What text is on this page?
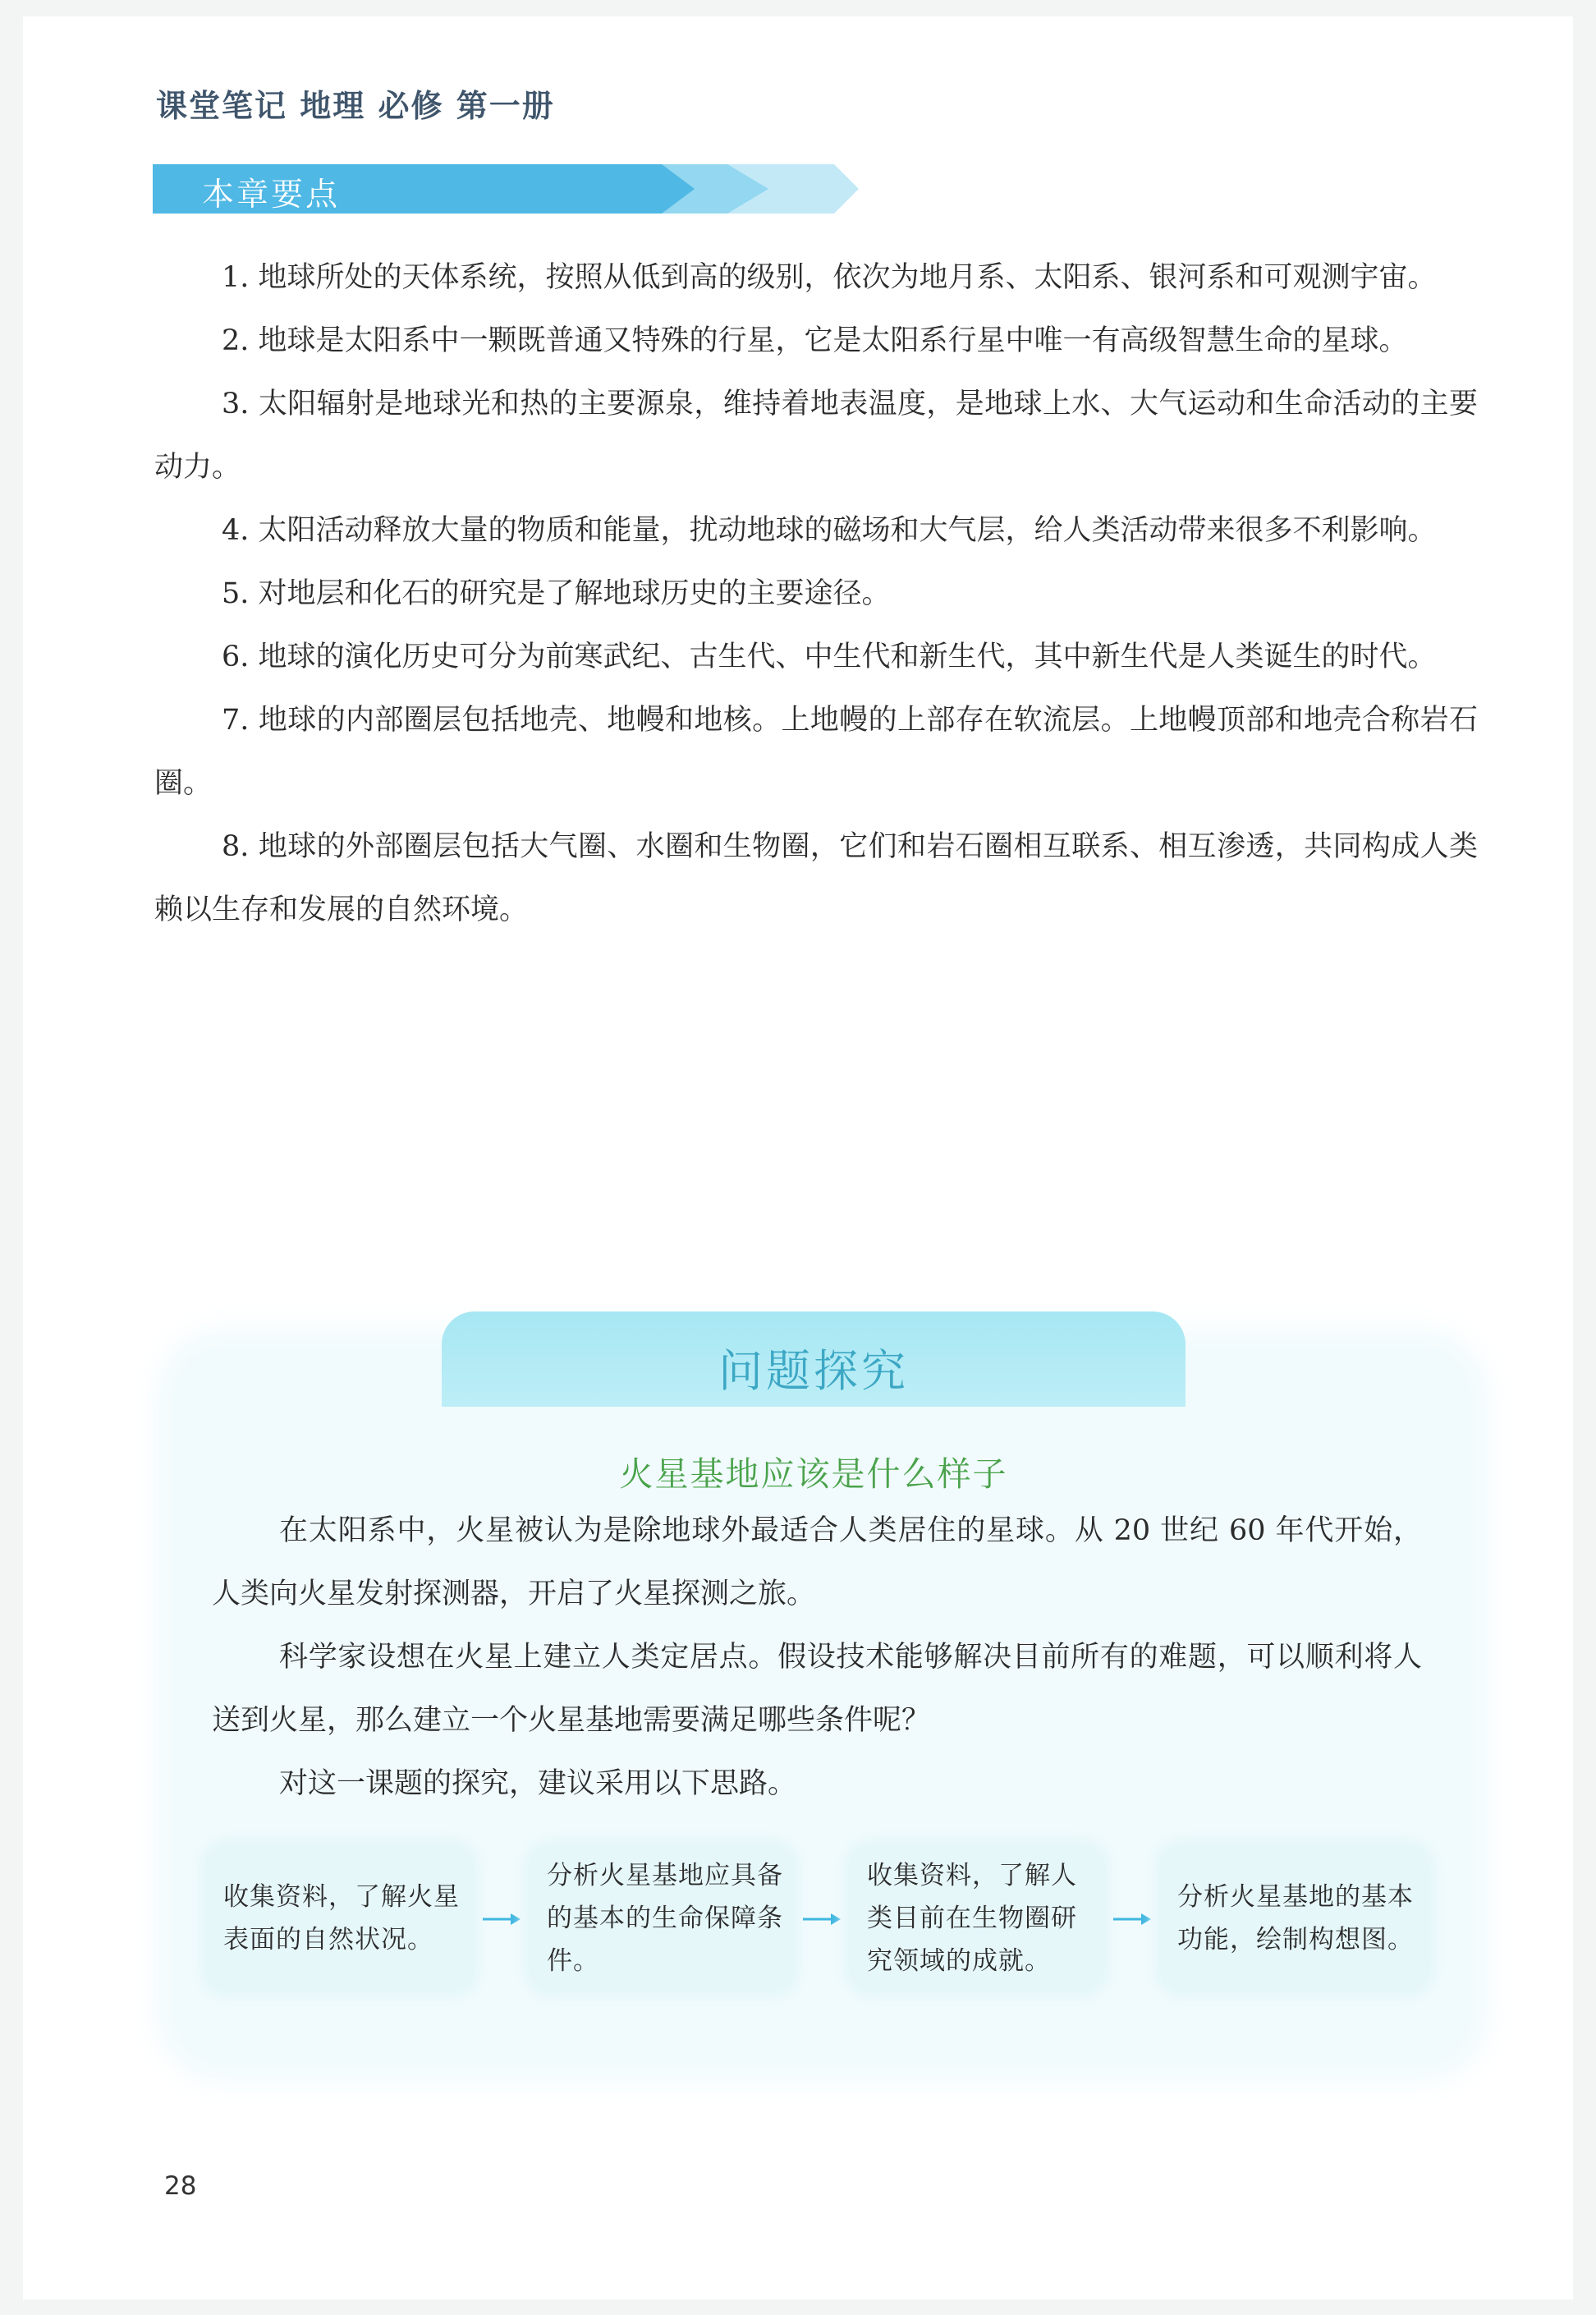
课堂笔记 地理 必修 第一册
本章要点

1. 地球所处的天体系统，按照从低到高的级别，依次为地月系、太阳系、银河系和可观测宇宙。

2. 地球是太阳系中一颗既普通又特殊的行星，它是太阳系行星中唯一有高级智慧生命的星球。

3. 太阳辐射是地球光和热的主要源泉，维持着地表温度，是地球上水、大气运动和生命活动的主要动力。

4. 太阳活动释放大量的物质和能量，扰动地球的磁场和大气层，给人类活动带来很多不利影响。

5. 对地层和化石的研究是了解地球历史的主要途径。

6. 地球的演化历史可分为前寒武纪、古生代、中生代和新生代，其中新生代是人类诞生的时代。

7. 地球的内部圈层包括地壳、地幔和地核。上地幔的上部存在软流层。上地幔顶部和地壳合称岩石圈。

8. 地球的外部圈层包括大气圈、水圈和生物圈，它们和岩石圈相互联系、相互渗透，共同构成人类赖以生存和发展的自然环境。

问题探究
火星基地应该是什么样子

在太阳系中，火星被认为是除地球外最适合人类居住的星球。从 20 世纪 60 年代开始，人类向火星发射探测器，开启了火星探测之旅。

科学家设想在火星上建立人类定居点。假设技术能够解决目前所有的难题，可以顺利将人送到火星，那么建立一个火星基地需要满足哪些条件呢？

对这一课题的探究，建议采用以下思路。

收集资料，了解火星表面的自然状况。
分析火星基地应具备的基本的生命保障条件。
收集资料，了解人类目前在生物圈研究领域的成就。
分析火星基地的基本功能，绘制构想图。
28
